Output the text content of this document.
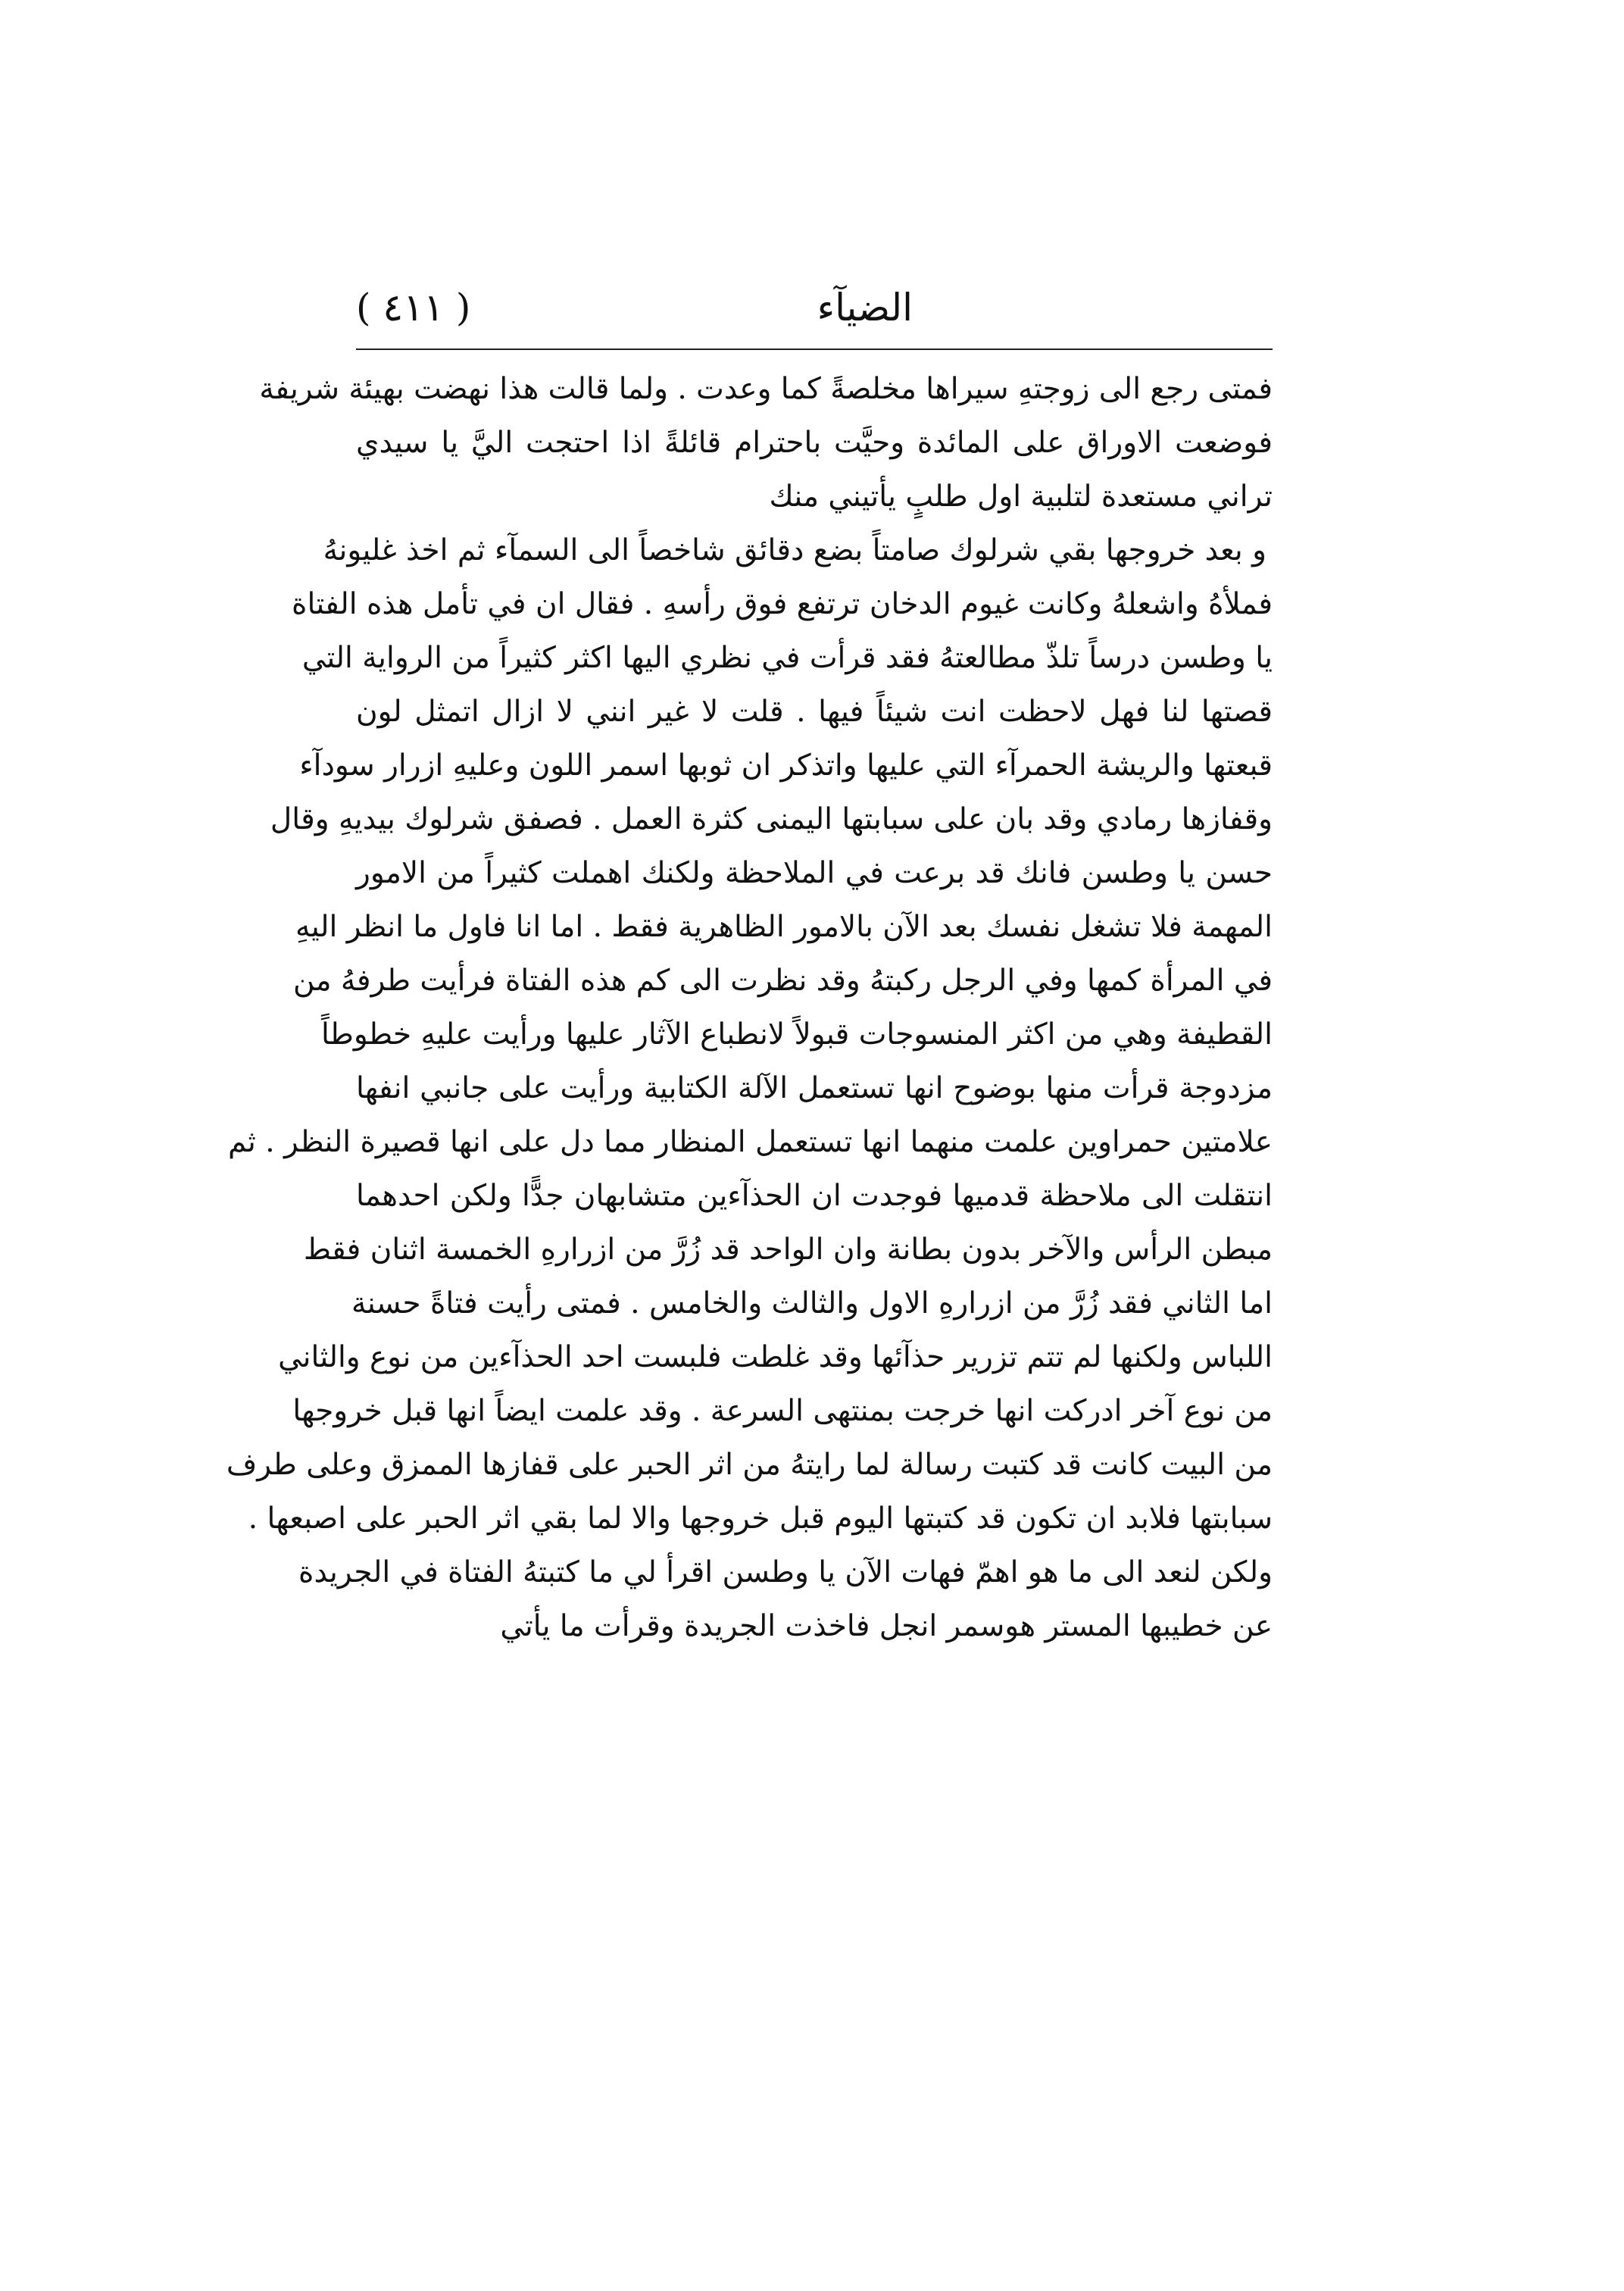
الضيآء
( ٤١١ )
فمتى رجع الى زوجتهِ سيراها مخلصةً كما وعدت . ولما قالت هذا نهضت بهيئة شريفة
فوضعت الاوراق على المائدة وحيَّت باحترام قائلةً اذا احتجت اليَّ يا سيدي
تراني مستعدة لتلبية اول طلبٍ يأتيني منك
و بعد خروجها بقي شرلوك صامتاً بضع دقائق شاخصاً الى السمآء ثم اخذ غليونهُ
فملأهُ واشعلهُ وكانت غيوم الدخان ترتفع فوق رأسهِ . فقال ان في تأمل هذه الفتاة
يا وطسن درساً تلذّ مطالعتهُ فقد قرأت في نظري اليها اكثر كثيراً من الرواية التي
قصتها لنا فهل لاحظت انت شيئاً فيها . قلت لا غير انني لا ازال اتمثل لون
قبعتها والريشة الحمرآء التي عليها واتذكر ان ثوبها اسمر اللون وعليهِ ازرار سودآء
وقفازها رمادي وقد بان على سبابتها اليمنى كثرة العمل . فصفق شرلوك بيديهِ وقال
حسن يا وطسن فانك قد برعت في الملاحظة ولكنك اهملت كثيراً من الامور
المهمة فلا تشغل نفسك بعد الآن بالامور الظاهرية فقط . اما انا فاول ما انظر اليهِ
في المرأة كمها وفي الرجل ركبتهُ وقد نظرت الى كم هذه الفتاة فرأيت طرفهُ من
القطيفة وهي من اكثر المنسوجات قبولاً لانطباع الآثار عليها ورأيت عليهِ خطوطاً
مزدوجة قرأت منها بوضوح انها تستعمل الآلة الكتابية ورأيت على جانبي انفها
علامتين حمراوين علمت منهما انها تستعمل المنظار مما دل على انها قصيرة النظر . ثم
انتقلت الى ملاحظة قدميها فوجدت ان الحذآءين متشابهان جدًّا ولكن احدهما
مبطن الرأس والآخر بدون بطانة وان الواحد قد زُرَّ من ازرارهِ الخمسة اثنان فقط
اما الثاني فقد زُرَّ من ازرارهِ الاول والثالث والخامس . فمتى رأيت فتاةً حسنة
اللباس ولكنها لم تتم تزرير حذآئها وقد غلطت فلبست احد الحذآءين من نوع والثاني
من نوع آخر ادركت انها خرجت بمنتهى السرعة . وقد علمت ايضاً انها قبل خروجها
من البيت كانت قد كتبت رسالة لما رايتهُ من اثر الحبر على قفازها الممزق وعلى طرف
سبابتها فلابد ان تكون قد كتبتها اليوم قبل خروجها والا لما بقي اثر الحبر على اصبعها .
ولكن لنعد الى ما هو اهمّ فهات الآن يا وطسن اقرأ لي ما كتبتهُ الفتاة في الجريدة
عن خطيبها المستر هوسمر انجل فاخذت الجريدة وقرأت ما يأتي
